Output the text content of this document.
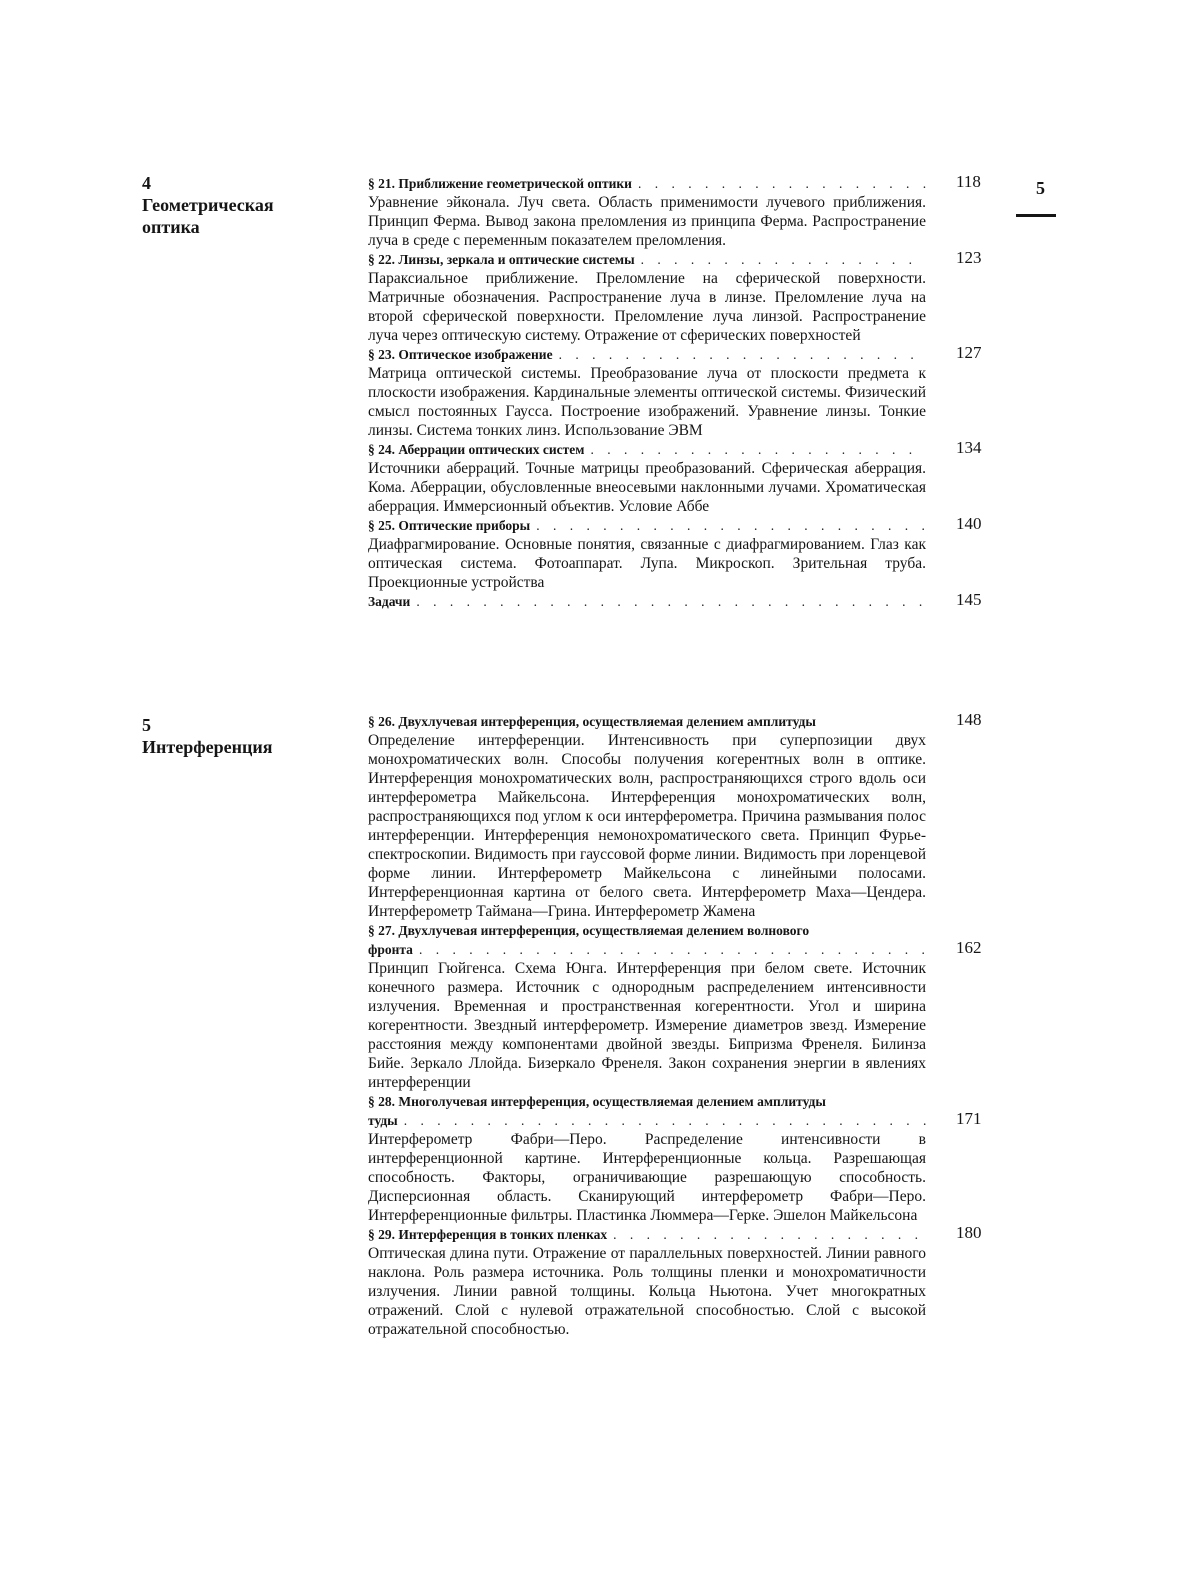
5
4
Геометрическая оптика
§ 21. Приближение геометрической оптики
. . .
Уравнение эйконала. Луч света. Область применимости лучевого приближения. Принцип Ферма. Вывод закона преломления из принципа Ферма. Распространение луча в среде с переменным показателем преломления.
118
§ 22. Линзы, зеркала и оптические системы
. . .
Параксиальное приближение. Преломление на сферической поверхности. Матричные обозначения. Распространение луча в линзе. Преломление луча на второй сферической поверхности. Преломление луча линзой. Распространение луча через оптическую систему. Отражение от сферических поверхностей
123
§ 23. Оптическое изображение
. . .
Матрица оптической системы. Преобразование луча от плоскости предмета к плоскости изображения. Кардинальные элементы оптической системы. Физический смысл постоянных Гаусса. Построение изображений. Уравнение линзы. Тонкие линзы. Система тонких линз. Использование ЭВМ
127
§ 24. Аберрации оптических систем
. . .
Источники аберраций. Точные матрицы преобразований. Сферическая аберрация. Кома. Аберрации, обусловленные внеосевыми наклонными лучами. Хроматическая аберрация. Иммерсионный объектив. Условие Аббе
134
§ 25. Оптические приборы
. . .
Диафрагмирование. Основные понятия, связанные с диафрагмированием. Глаз как оптическая система. Фотоаппарат. Лупа. Микроскоп. Зрительная труба. Проекционные устройства
140
Задачи
. . .	145
5
Интерференция
§ 26. Двухлучевая интерференция, осуществляемая делением амплитуды
Определение интерференции. Интенсивность при суперпозиции двух монохроматических волн. Способы получения когерентных волн в оптике. Интерференция монохроматических волн, распространяющихся строго вдоль оси интерферометра Майкельсона. Интерференция монохроматических волн, распространяющихся под углом к оси интерферометра. Причина размывания полос интерференции. Интерференция немонохроматического света. Принцип Фурье-спектроскопии. Видимость при гауссовой форме линии. Видимость при лоренцевой форме линии. Интерферометр Майкельсона с линейными полосами. Интерференционная картина от белого света. Интерферометр Маха—Цендера. Интерферометр Таймана—Грина. Интерферометр Жамена
148
§ 27. Двухлучевая интерференция, осуществляемая делением волнового
фронта
. . .
Принцип Гюйгенса. Схема Юнга. Интерференция при белом свете. Источник конечного размера. Источник с однородным распределением интенсивности излучения. Временная и пространственная когерентности. Угол и ширина когерентности. Звездный интерферометр. Измерение диаметров звезд. Измерение расстояния между компонентами двойной звезды. Бипризма Френеля. Билинза Бийе. Зеркало Ллойда. Бизеркало Френеля. Закон сохранения энергии в явлениях интерференции
162
§ 28. Многолучевая интерференция, осуществляемая делением амплитуды
туды
. . .
Интерферометр Фабри—Перо. Распределение интенсивности в интерференционной картине. Интерференционные кольца. Разрешающая способность. Факторы, ограничивающие разрешающую способность. Дисперсионная область. Сканирующий интерферометр Фабри—Перо. Интерференционные фильтры. Пластинка Люммера—Герке. Эшелон Майкельсона
171
§ 29. Интерференция в тонких пленках
. . .
Оптическая длина пути. Отражение от параллельных поверхностей. Линии равного наклона. Роль размера источника. Роль толщины пленки и монохроматичности излучения. Линии равной толщины. Кольца Ньютона. Учет многократных отражений. Слой с нулевой отражательной способностью. Слой с высокой отражательной способностью.
180
